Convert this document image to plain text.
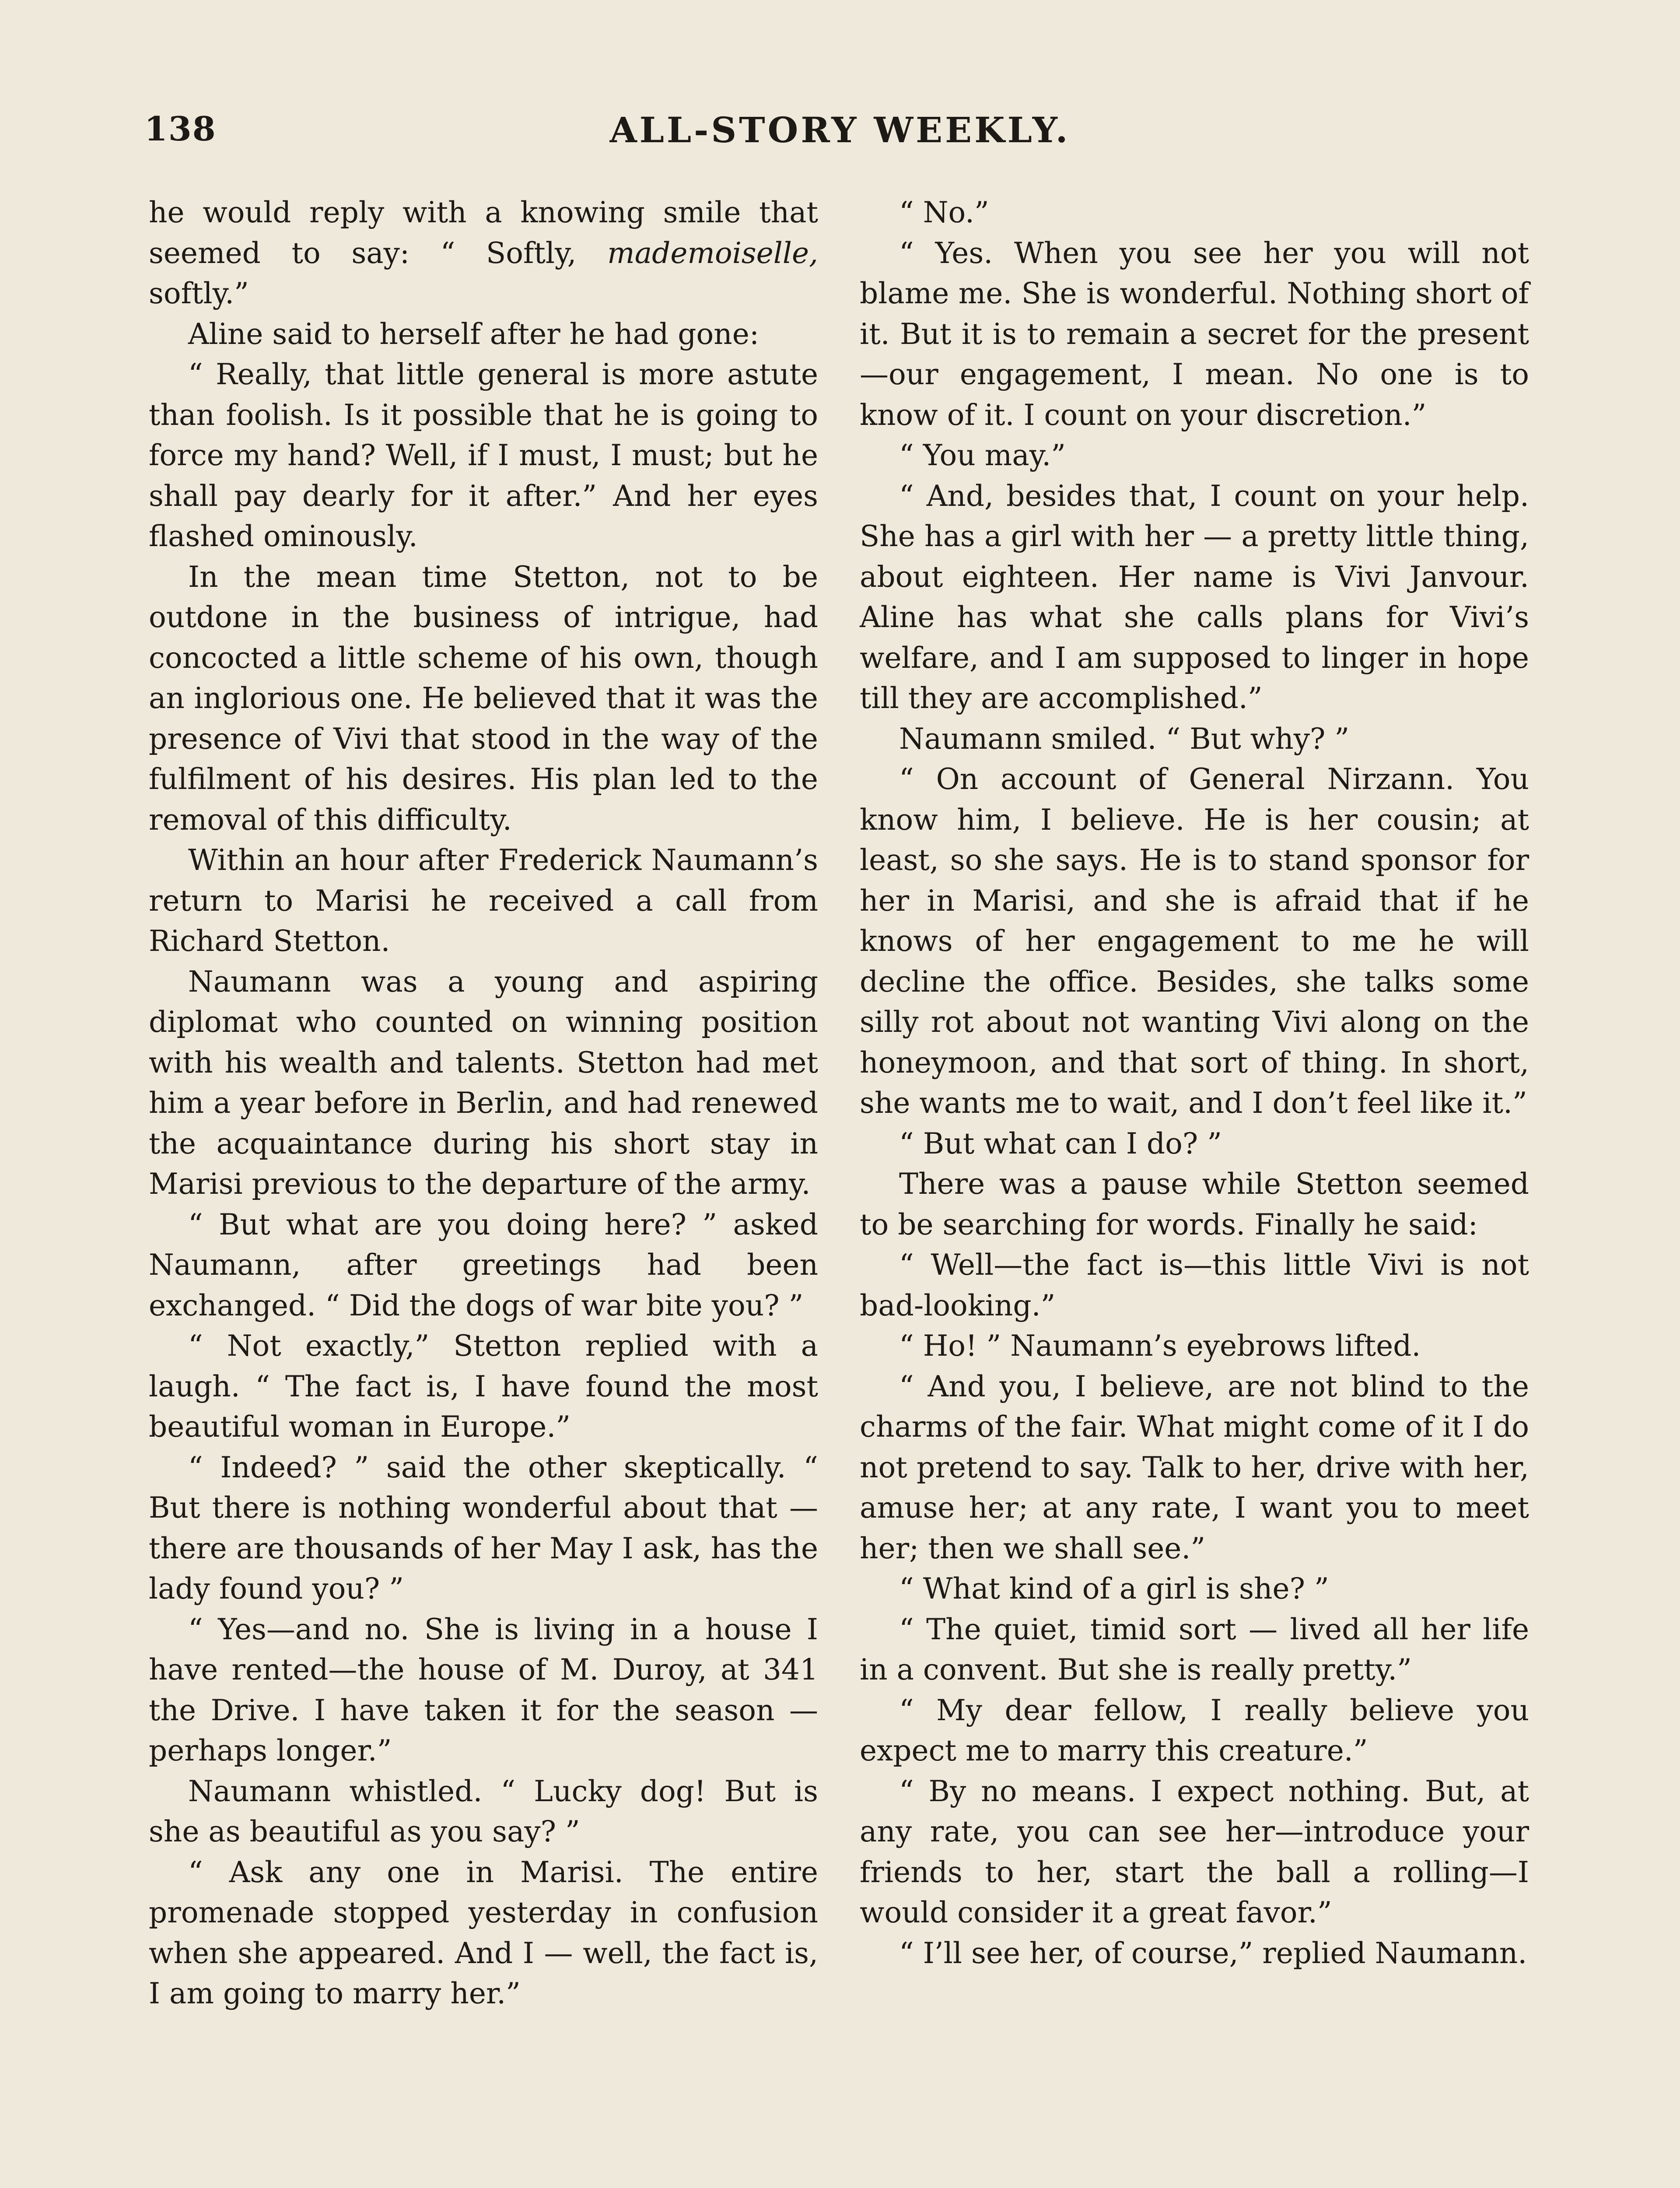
138	ALL-STORY WEEKLY.

he would reply with a knowing smile that seemed to say: “ Softly, mademoiselle, softly.”

Aline said to herself after he had gone:

“ Really, that little general is more astute than foolish. Is it possible that he is going to force my hand? Well, if I must, I must; but he shall pay dearly for it after.” And her eyes flashed ominously.

In the mean time Stetton, not to be outdone in the business of intrigue, had concocted a little scheme of his own, though an inglorious one. He believed that it was the presence of Vivi that stood in the way of the fulfilment of his desires. His plan led to the removal of this difficulty.

Within an hour after Frederick Naumann’s return to Marisi he received a call from Richard Stetton.

Naumann was a young and aspiring diplomat who counted on winning position with his wealth and talents. Stetton had met him a year before in Berlin, and had renewed the acquaintance during his short stay in Marisi previous to the departure of the army.

“ But what are you doing here? ” asked Naumann, after greetings had been exchanged. “ Did the dogs of war bite you? ”

“ Not exactly,” Stetton replied with a laugh. “ The fact is, I have found the most beautiful woman in Europe.”

“ Indeed? ” said the other skeptically. “ But there is nothing wonderful about that — there are thousands of her May I ask, has the lady found you? ”

“ Yes—and no. She is living in a house I have rented—the house of M. Duroy, at 341 the Drive. I have taken it for the season — perhaps longer.”

Naumann whistled. “ Lucky dog! But is she as beautiful as you say? ”

“ Ask any one in Marisi. The entire promenade stopped yesterday in confusion when she appeared. And I — well, the fact is, I am going to marry her.”

“ No.”

“ Yes. When you see her you will not blame me. She is wonderful. Nothing short of it. But it is to remain a secret for the present—our engagement, I mean. No one is to know of it. I count on your discretion.”

“ You may.”

“ And, besides that, I count on your help. She has a girl with her — a pretty little thing, about eighteen. Her name is Vivi Janvour. Aline has what she calls plans for Vivi’s welfare, and I am supposed to linger in hope till they are accomplished.”

Naumann smiled. “ But why? ”

“ On account of General Nirzann. You know him, I believe. He is her cousin; at least, so she says. He is to stand sponsor for her in Marisi, and she is afraid that if he knows of her engagement to me he will decline the office. Besides, she talks some silly rot about not wanting Vivi along on the honeymoon, and that sort of thing. In short, she wants me to wait, and I don’t feel like it.”

“ But what can I do? ”

There was a pause while Stetton seemed to be searching for words. Finally he said:

“ Well—the fact is—this little Vivi is not bad-looking.”

“ Ho! ” Naumann’s eyebrows lifted.

“ And you, I believe, are not blind to the charms of the fair. What might come of it I do not pretend to say. Talk to her, drive with her, amuse her; at any rate, I want you to meet her; then we shall see.”

“ What kind of a girl is she? ”

“ The quiet, timid sort — lived all her life in a convent. But she is really pretty.”

“ My dear fellow, I really believe you expect me to marry this creature.”

“ By no means. I expect nothing. But, at any rate, you can see her—introduce your friends to her, start the ball a rolling—I would consider it a great favor.”

“ I’ll see her, of course,” replied Naumann.
